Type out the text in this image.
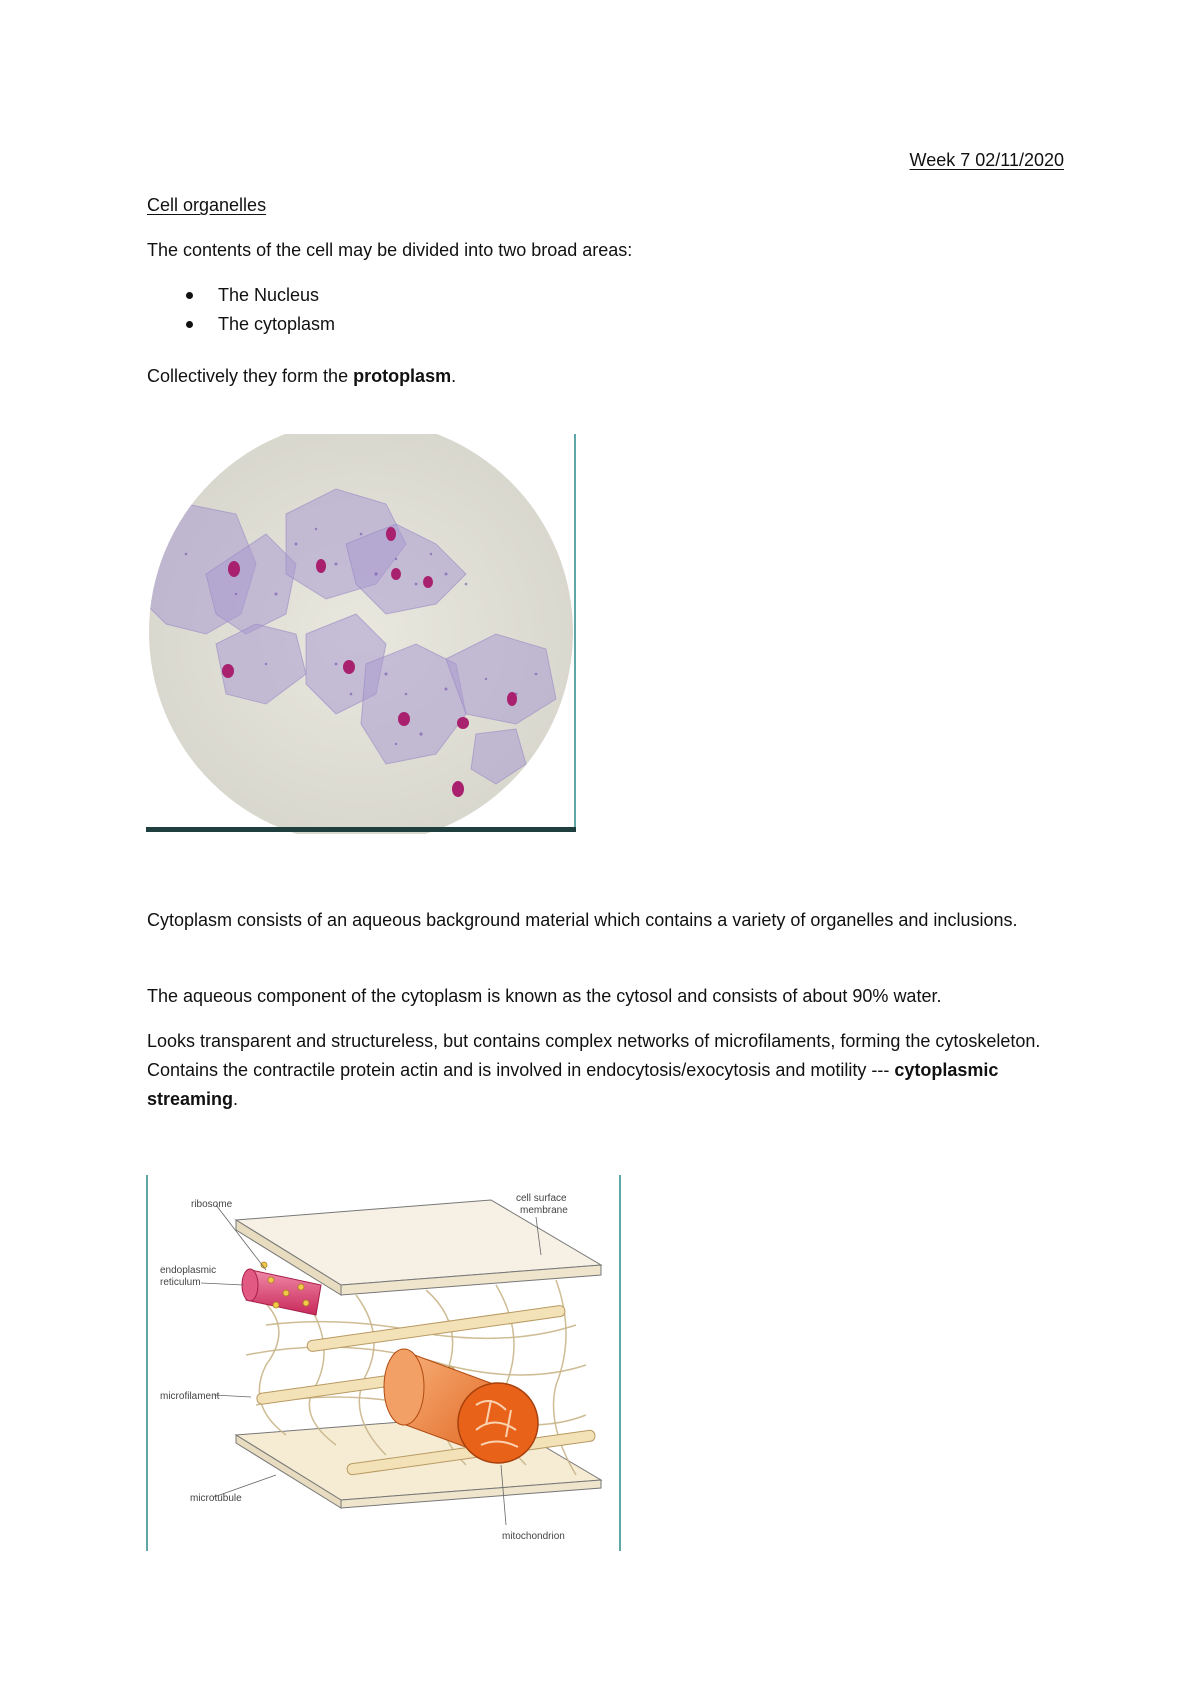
Week 7 02/11/2020
Cell organelles
The contents of the cell may be divided into two broad areas:
The Nucleus
The cytoplasm
Collectively they form the protoplasm.
Cytoplasm consists of an aqueous background material which contains a variety of organelles and inclusions.
The aqueous component of the cytoplasm is known as the cytosol and consists of about 90% water.
Looks transparent and structureless, but contains complex networks of microfilaments, forming the cytoskeleton. Contains the contractile protein actin and is involved in endocytosis/exocytosis and motility --- cytoplasmic streaming.
ribosome
endoplasmic
reticulum
cell surface
membrane
microfilament
microtubule
mitochondrion
